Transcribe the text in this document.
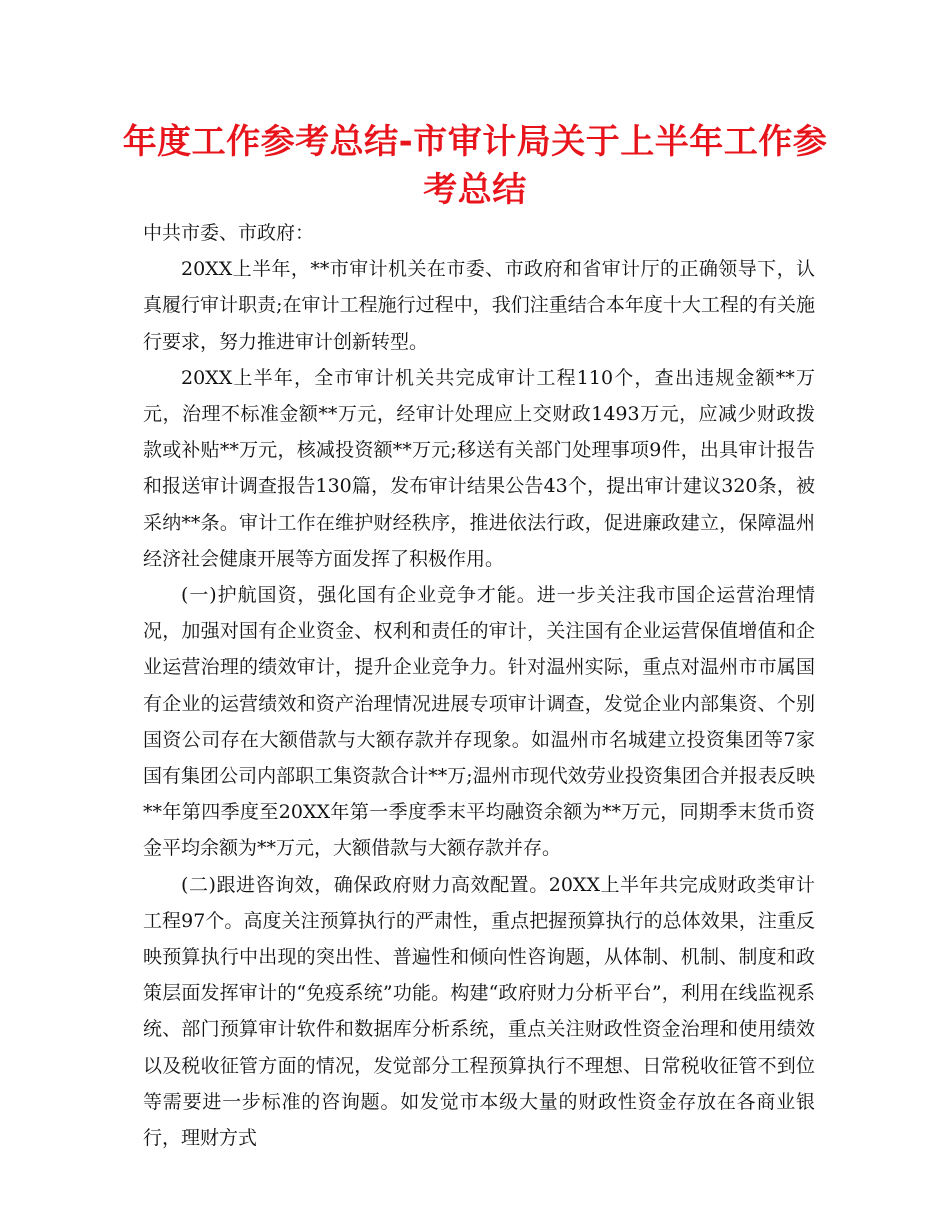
年度工作参考总结-市审计局关于上半年工作参考总结

中共市委、市政府：

20XX上半年，**市审计机关在市委、市政府和省审计厅的正确领导下，认真履行审计职责;在审计工程施行过程中，我们注重结合本年度十大工程的有关施行要求，努力推进审计创新转型。

20XX上半年，全市审计机关共完成审计工程110个，查出违规金额**万元，治理不标准金额**万元，经审计处理应上交财政1493万元，应减少财政拨款或补贴**万元，核减投资额**万元;移送有关部门处理事项9件，出具审计报告和报送审计调查报告130篇，发布审计结果公告43个，提出审计建议320条，被采纳**条。审计工作在维护财经秩序，推进依法行政，促进廉政建立，保障温州经济社会健康开展等方面发挥了积极作用。

(一)护航国资，强化国有企业竞争才能。进一步关注我市国企运营治理情况，加强对国有企业资金、权利和责任的审计，关注国有企业运营保值增值和企业运营治理的绩效审计，提升企业竞争力。针对温州实际，重点对温州市市属国有企业的运营绩效和资产治理情况进展专项审计调查，发觉企业内部集资、个别国资公司存在大额借款与大额存款并存现象。如温州市名城建立投资集团等7家国有集团公司内部职工集资款合计**万;温州市现代效劳业投资集团合并报表反映**年第四季度至20XX年第一季度季末平均融资余额为**万元，同期季末货币资金平均余额为**万元，大额借款与大额存款并存。

(二)跟进咨询效，确保政府财力高效配置。20XX上半年共完成财政类审计工程97个。高度关注预算执行的严肃性，重点把握预算执行的总体效果，注重反映预算执行中出现的突出性、普遍性和倾向性咨询题，从体制、机制、制度和政策层面发挥审计的“免疫系统”功能。构建“政府财力分析平台”，利用在线监视系统、部门预算审计软件和数据库分析系统，重点关注财政性资金治理和使用绩效以及税收征管方面的情况，发觉部分工程预算执行不理想、日常税收征管不到位等需要进一步标准的咨询题。如发觉市本级大量的财政性资金存放在各商业银行，理财方式
